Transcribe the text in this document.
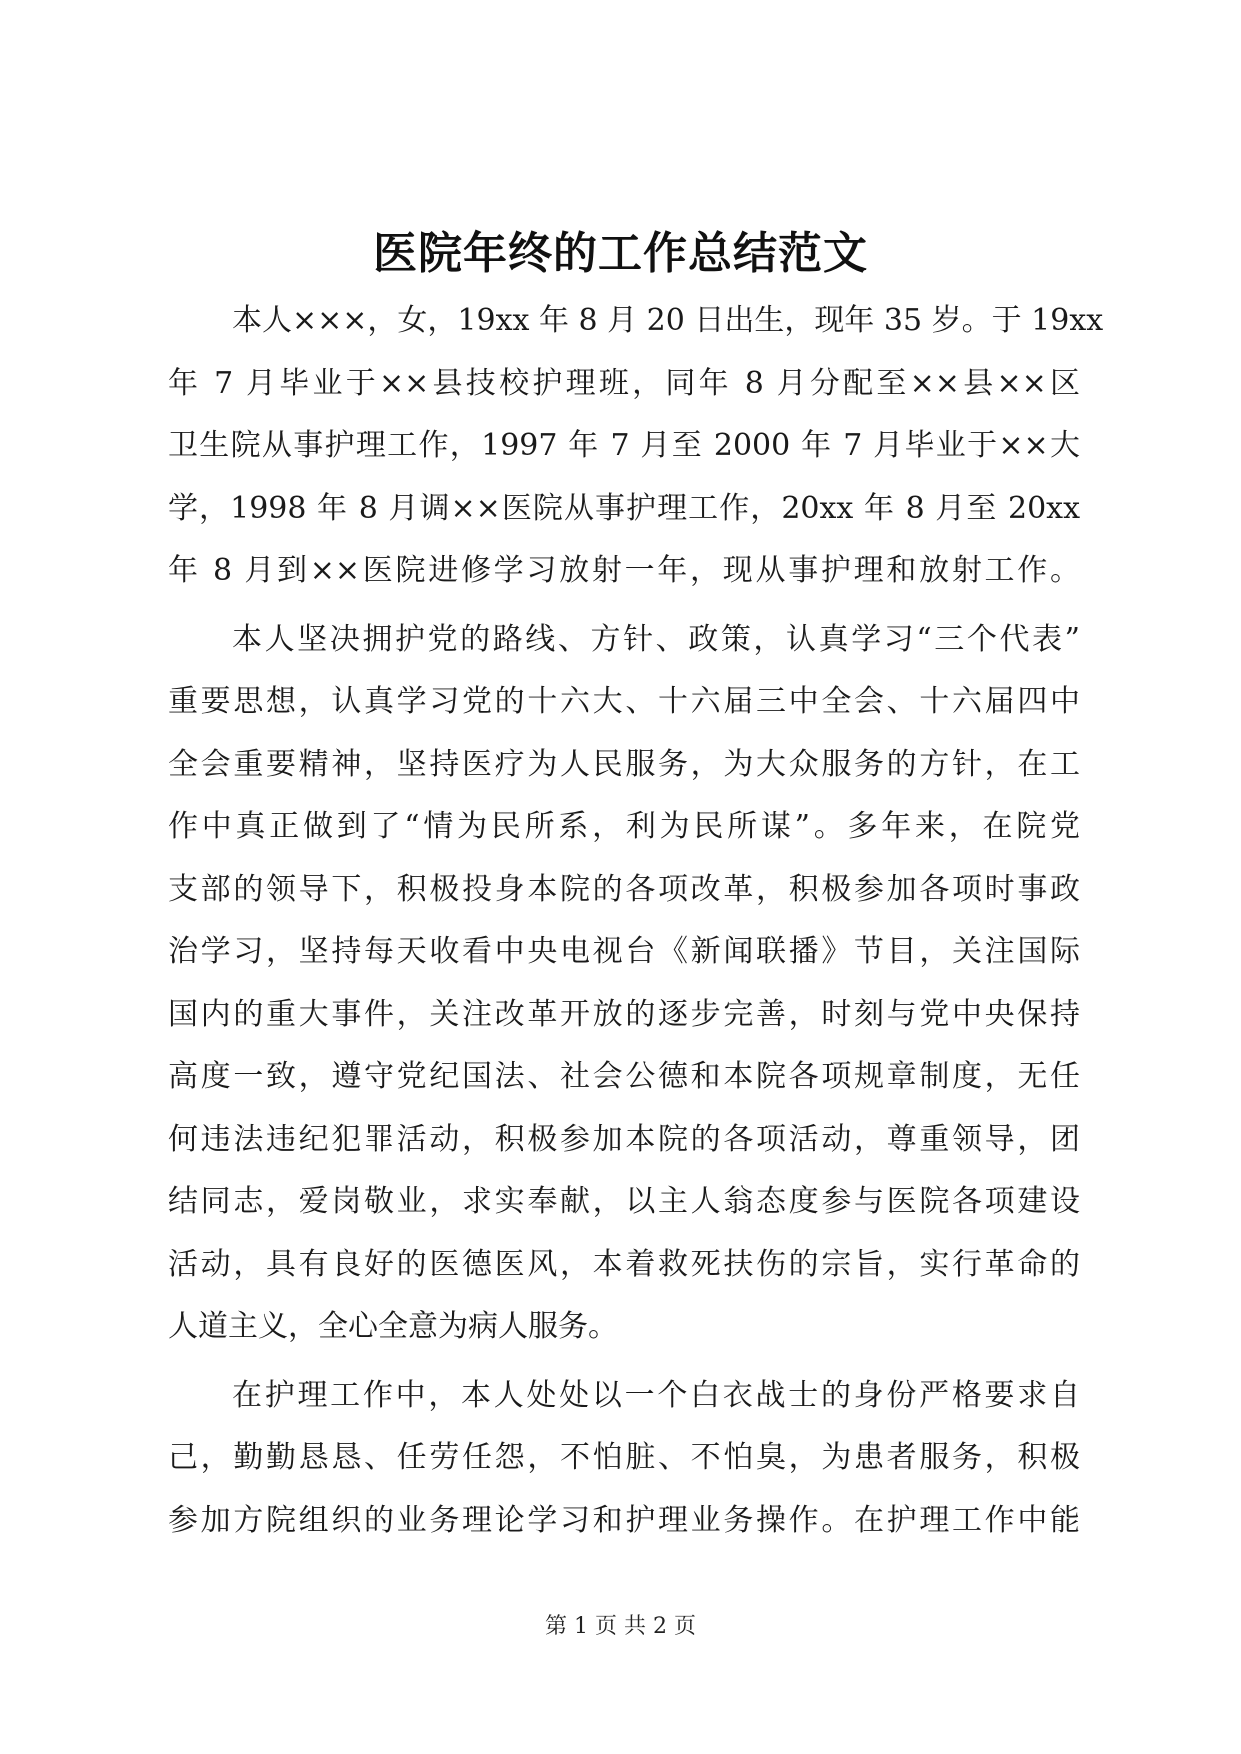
医院年终的工作总结范文
本人×××，女，19xx 年 8 月 20 日出生，现年 35 岁。于 19xx
年 7 月毕业于××县技校护理班，同年 8 月分配至××县××区
卫生院从事护理工作，1997 年 7 月至 2000 年 7 月毕业于××大
学，1998 年 8 月调××医院从事护理工作，20xx 年 8 月至 20xx
年 8 月到××医院进修学习放射一年，现从事护理和放射工作。
本人坚决拥护党的路线、方针、政策，认真学习“三个代表”
重要思想，认真学习党的十六大、十六届三中全会、十六届四中
全会重要精神，坚持医疗为人民服务，为大众服务的方针，在工
作中真正做到了“情为民所系，利为民所谋”。多年来，在院党
支部的领导下，积极投身本院的各项改革，积极参加各项时事政
治学习，坚持每天收看中央电视台《新闻联播》节目，关注国际
国内的重大事件，关注改革开放的逐步完善，时刻与党中央保持
高度一致，遵守党纪国法、社会公德和本院各项规章制度，无任
何违法违纪犯罪活动，积极参加本院的各项活动，尊重领导，团
结同志，爱岗敬业，求实奉献，以主人翁态度参与医院各项建设
活动，具有良好的医德医风，本着救死扶伤的宗旨，实行革命的
人道主义，全心全意为病人服务。
在护理工作中，本人处处以一个白衣战士的身份严格要求自
己，勤勤恳恳、任劳任怨，不怕脏、不怕臭，为患者服务，积极
参加方院组织的业务理论学习和护理业务操作。在护理工作中能
第 1 页 共 2 页
